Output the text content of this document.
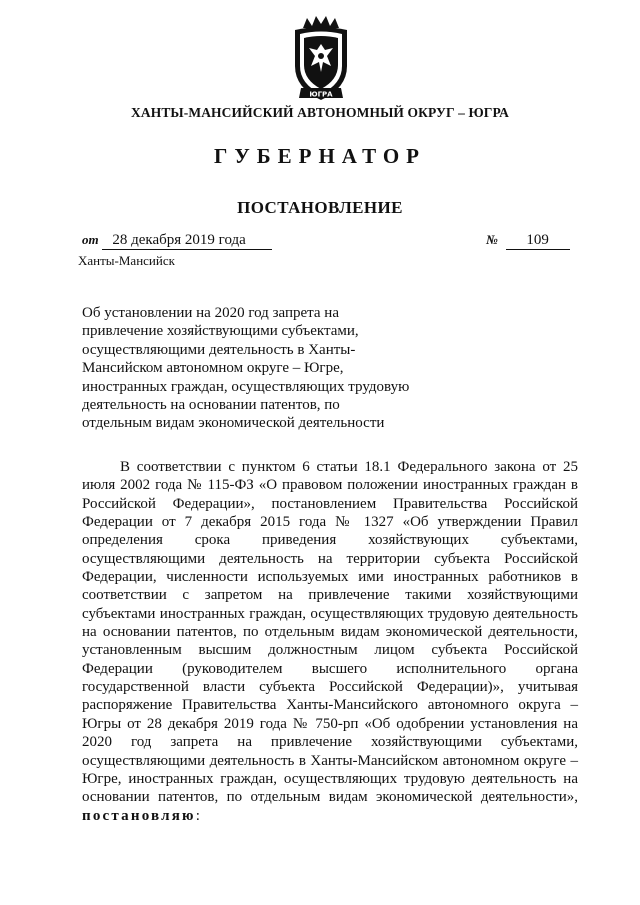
ЮГРА
ХАНТЫ-МАНСИЙСКИЙ АВТОНОМНЫЙ ОКРУГ – ЮГРА
ГУБЕРНАТОР
ПОСТАНОВЛЕНИЕ
от 28 декабря 2019 года	№ 109
Ханты-Мансийск
Об установлении на 2020 год запрета на привлечение хозяйствующими субъектами, осуществляющими деятельность в Ханты-Мансийском автономном округе – Югре, иностранных граждан, осуществляющих трудовую деятельность на основании патентов, по отдельным видам экономической деятельности
В соответствии с пунктом 6 статьи 18.1 Федерального закона от 25 июля 2002 года № 115-ФЗ «О правовом положении иностранных граждан в Российской Федерации», постановлением Правительства Российской Федерации от 7 декабря 2015 года № 1327 «Об утверждении Правил определения срока приведения хозяйствующих субъектами, осуществляющими деятельность на территории субъекта Российской Федерации, численности используемых ими иностранных работников в соответствии с запретом на привлечение такими хозяйствующими субъектами иностранных граждан, осуществляющих трудовую деятельность на основании патентов, по отдельным видам экономической деятельности, установленным высшим должностным лицом субъекта Российской Федерации (руководителем высшего исполнительного органа государственной власти субъекта Российской Федерации)», учитывая распоряжение Правительства Ханты-Мансийского автономного округа – Югры от 28 декабря 2019 года № 750-рп «Об одобрении установления на 2020 год запрета на привлечение хозяйствующими субъектами, осуществляющими деятельность в Ханты-Мансийском автономном округе – Югре, иностранных граждан, осуществляющих трудовую деятельность на основании патентов, по отдельным видам экономической деятельности», постановляю:
